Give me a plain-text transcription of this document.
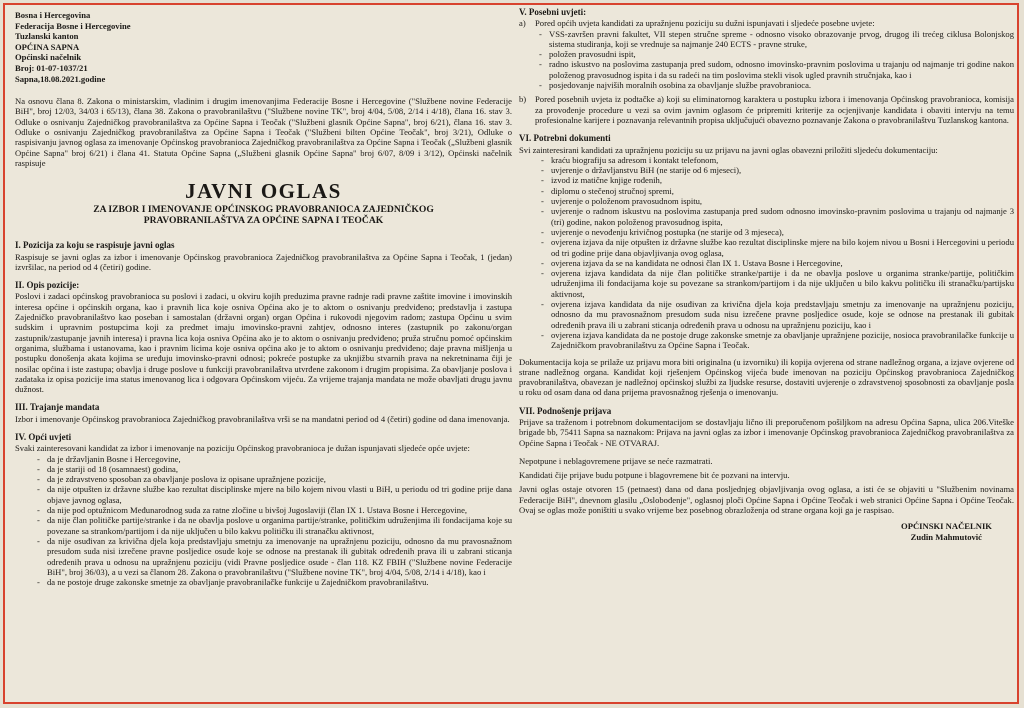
Bosna i Hercegovina
Federacija Bosne i Hercegovine
Tuzlanski kanton
OPĆINA SAPNA
Općinski načelnik
Broj: 01-07-1037/21
Sapna,18.08.2021.godine

Na osnovu člana 8. Zakona o ministarskim, vladinim i drugim imenovanjima Federacije Bosne i Hercegovine ("Službene novine Federacije BiH", broj 12/03, 34/03 i 65/13), člana 38. Zakona o pravobranilaštvu ("Službene novine TK", broj 4/04, 5/08, 2/14 i 4/18), člana 16. stav 3. Odluke o osnivanju Zajedničkog pravobranilaštva za Općine Sapna i Teočak ("Službeni glasnik Općine Sapna", broj 6/21), člana 16. stav 3. Odluke o osnivanju Zajedničkog pravobranilaštva za Općine Sapna i Teočak ("Službeni bilten Općine Teočak", broj 3/21), Odluke o raspisivanju javnog oglasa za imenovanje Općinskog pravobranioca Zajedničkog pravobranilaštva za Općine Sapna i Teočak („Službeni glasnik Općine Sapna" broj 6/21) i člana 41. Statuta Općine Sapna („Službeni glasnik Općine Sapna" broj 6/07, 8/09 i 3/12), Općinski načelnik raspisuje

JAVNI OGLAS
ZA IZBOR I IMENOVANJE OPĆINSKOG PRAVOBRANIOCA ZAJEDNIČKOG
PRAVOBRANILAŠTVA ZA OPĆINE SAPNA I TEOČAK
I. Pozicija za koju se raspisuje javni oglas

Raspisuje se javni oglas za izbor i imenovanje Općinskog pravobranioca Zajedničkog pravobranilaštva za Općine Sapna i Teočak, 1 (jedan) izvršilac, na period od 4 (četiri) godine.

II. Opis pozicije:

Poslovi i zadaci općinskog pravobranioca su poslovi i zadaci, u okviru kojih preduzima pravne radnje radi pravne zaštite imovine i imovinskih interesa općine i općinskih organa, kao i pravnih lica koje osniva Općina ako je to aktom o osnivanju predviđeno; predstavlja i zastupa Zajedničko pravobranilaštvo kao poseban i samostalan (državni organ) organ Općina i rukovodi njegovim radom; zastupa Općinu u svim sudskim i upravnim postupcima koji za predmet imaju imovinsko-pravni zahtjev, odnosno interes (zastupnik po zakonu/organ zastupnik/zastupanje javnih interesa) i pravna lica koja osniva Općina ako je to aktom o osnivanju predviđeno; pruža stručnu pomoć općinskim organima, službama i ustanovama, kao i pravnim licima koje osniva općina ako je to aktom o osnivanju predviđeno; daje pravna mišljenja u postupku donošenja akata kojima se uređuju imovinsko-pravni odnosi; pokreće postupke za uknjižbu stvarnih prava na nekretninama čiji je nosilac općina i iste zastupa; obavlja i druge poslove u funkciji pravobranilaštva utvrđene zakonom i drugim propisima. Za obavljanje poslova i zadataka iz opisa pozicije ima status imenovanog lica i odgovara Općinskom vijeću. Za vrijeme trajanja mandata ne može obavljati drugu javnu dužnost.

III. Trajanje mandata

Izbor i imenovanje Općinskog pravobranioca Zajedničkog pravobranilaštva vrši se na mandatni period od 4 (četiri) godine od dana imenovanja.

IV. Opći uvjeti

Svaki zainteresovani kandidat za izbor i imenovanje na poziciju Općinskog pravobranioca je dužan ispunjavati sljedeće opće uvjete:

- da je državljanin Bosne i Hercegovine,
- da je stariji od 18 (osamnaest) godina,
- da je zdravstveno sposoban za obavljanje poslova iz opisane upražnjene pozicije,
- da nije otpušten iz državne službe kao rezultat disciplinske mjere na bilo kojem nivou vlasti u BiH, u periodu od tri godine prije dana objave javnog oglasa,
- da nije pod optužnicom Međunarodnog suda za ratne zločine u bivšoj Jugoslaviji (član IX 1. Ustava Bosne i Hercegovine,
- da nije član političke partije/stranke i da ne obavlja poslove u organima partije/stranke, političkim udruženjima ili fondacijama koje su povezane sa strankom/partijom i da nije uključen u bilo kakvu političku ili stranačku aktivnost,
- da nije osuđivan za krivična djela koja predstavljaju smetnju za imenovanje na upražnjenu poziciju, odnosno da mu pravosnažnom presudom suda nisi izrečene pravne posljedice osude koje se odnose na prestanak ili gubitak određenih prava ili u zabrani sticanja određenih prava u odnosu na upražnjenu poziciju (vidi Pravne posljedice osude - član 118. KZ FBIH ("Službene novine Federacije BiH", broj 36/03), a u vezi sa članom 28. Zakona o pravobranilaštvu ("Službene novine TK", broj 4/04, 5/08, 2/14 i 4/18), kao i
- da ne postoje druge zakonske smetnje za obavljanje pravobranilačke funkcije u Zajedničkom pravobranilaštvu.
V. Posebni uvjeti:
a)	Pored općih uvjeta kandidati za upražnjenu poziciju su dužni ispunjavati i sljedeće posebne uvjete:
- VSS-završen pravni fakultet, VII stepen stručne spreme - odnosno visoko obrazovanje prvog, drugog ili trećeg ciklusa Bolonjskog sistema studiranja, koji se vrednuje sa najmanje 240 ECTS - pravne struke,
- položen pravosudni ispit,
- radno iskustvo na poslovima zastupanja pred sudom, odnosno imovinsko-pravnim poslovima u trajanju od najmanje tri godine nakon položenog pravosudnog ispita i da su radeći na tim poslovima stekli visok ugled pravnih stručnjaka, kao i
- posjedovanje najviših moralnih osobina za obavljanje službe pravobranioca.
b)	Pored posebnih uvjeta iz podtačke a) koji su eliminatornog karaktera u postupku izbora i imenovanja Općinskog pravobranioca, komisija za provođenje procedure u vezi sa ovim javnim oglasom će pripremiti kriterije za ocjenjivanje kandidata i obaviti intervju na temu profesionalne karijere i poznavanja relevantnih propisa uključujući obavezno poznavanje Zakona o pravobranilaštvu Tuzlanskog kantona.
VI. Potrebni dokumenti

Svi zainteresirani kandidati za upražnjenu poziciju su uz prijavu na javni oglas obavezni priložiti sljedeću dokumentaciju:

- kraću biografiju sa adresom i kontakt telefonom,
- uvjerenje o državljanstvu BiH (ne starije od 6 mjeseci),
- izvod iz matične knjige rođenih,
- diplomu o stečenoj stručnoj spremi,
- uvjerenje o položenom pravosudnom ispitu,
- uvjerenje o radnom iskustvu na poslovima zastupanja pred sudom odnosno imovinsko-pravnim poslovima u trajanju od najmanje 3 (tri) godine, nakon položenog pravosudnog ispita,
- uvjerenje o nevođenju krivičnog postupka (ne starije od 3 mjeseca),
- ovjerena izjava da nije otpušten iz državne službe kao rezultat disciplinske mjere na bilo kojem nivou u Bosni i Hercegovini u periodu od tri godine prije dana objavljivanja ovog oglasa,
- ovjerena izjava da se na kandidata ne odnosi član IX 1. Ustava Bosne i Hercegovine,
- ovjerena izjava kandidata da nije član političke stranke/partije i da ne obavlja poslove u organima stranke/partije, političkim udruženjima ili fondacijama koje su povezane sa strankom/partijom i da nije uključen u bilo kakvu političku ili stranačku/partijsku aktivnost,
- ovjerena izjava kandidata da nije osuđivan za krivična djela koja predstavljaju smetnju za imenovanje na upražnjenu poziciju, odnosno da mu pravosnažnom presudom suda nisu izrečene pravne posljedice osude, koje se odnose na prestanak ili gubitak određenih prava ili u zabrani sticanja određenih prava u odnosu na upražnjenu poziciju, kao i
- ovjerena izjava kandidata da ne postoje druge zakonske smetnje za obavljanje upražnjene pozicije, nosioca pravobranilačke funkcije u Zajedničkom pravobranilaštvu za Općine Sapna i Teočak.

Dokumentacija koja se prilaže uz prijavu mora biti originalna (u izvorniku) ili kopija ovjerena od strane nadležnog organa, a izjave ovjerene od strane nadležnog organa. Kandidat koji rješenjem Općinskog vijeća bude imenovan na poziciju Općinskog pravobranioca Zajedničkog pravobranilaštva, obavezan je nadležnoj općinskoj službi za ljudske resurse, dostaviti uvjerenje o zdravstvenoj sposobnosti za obavljanje posla u roku od osam dana od dana prijema pravosnažnog rješenja o imenovanju.

VII. Podnošenje prijava

Prijave sa traženom i potrebnom dokumentacijom se dostavljaju lično ili preporučenom pošiljkom na adresu Općina Sapna, ulica 206.Viteške brigade bb, 75411 Sapna sa naznakom: Prijava na javni oglas za izbor i imenovanje Općinskog pravobranioca Zajedničkog pravobranilaštva za Općine Sapna i Teočak - NE OTVARAJ.

Nepotpune i neblagovremene prijave se neće razmatrati.

Kandidati čije prijave budu potpune i blagovremene bit će pozvani na intervju.

Javni oglas ostaje otvoren 15 (petnaest) dana od dana posljednjeg objavljivanja ovog oglasa, a isti će se objaviti u "Službenim novinama Federacije BiH", dnevnom glasilu „Oslobođenje", oglasnoj ploči Općine Sapna i Općine Teočak i web stranici Općine Sapna i Općine Teočak. Ovaj se oglas može poništiti u svako vrijeme bez posebnog obrazloženja od strane organa koji ga je raspisao.

OPĆINSKI NAČELNIK
Zudin Mahmutović
